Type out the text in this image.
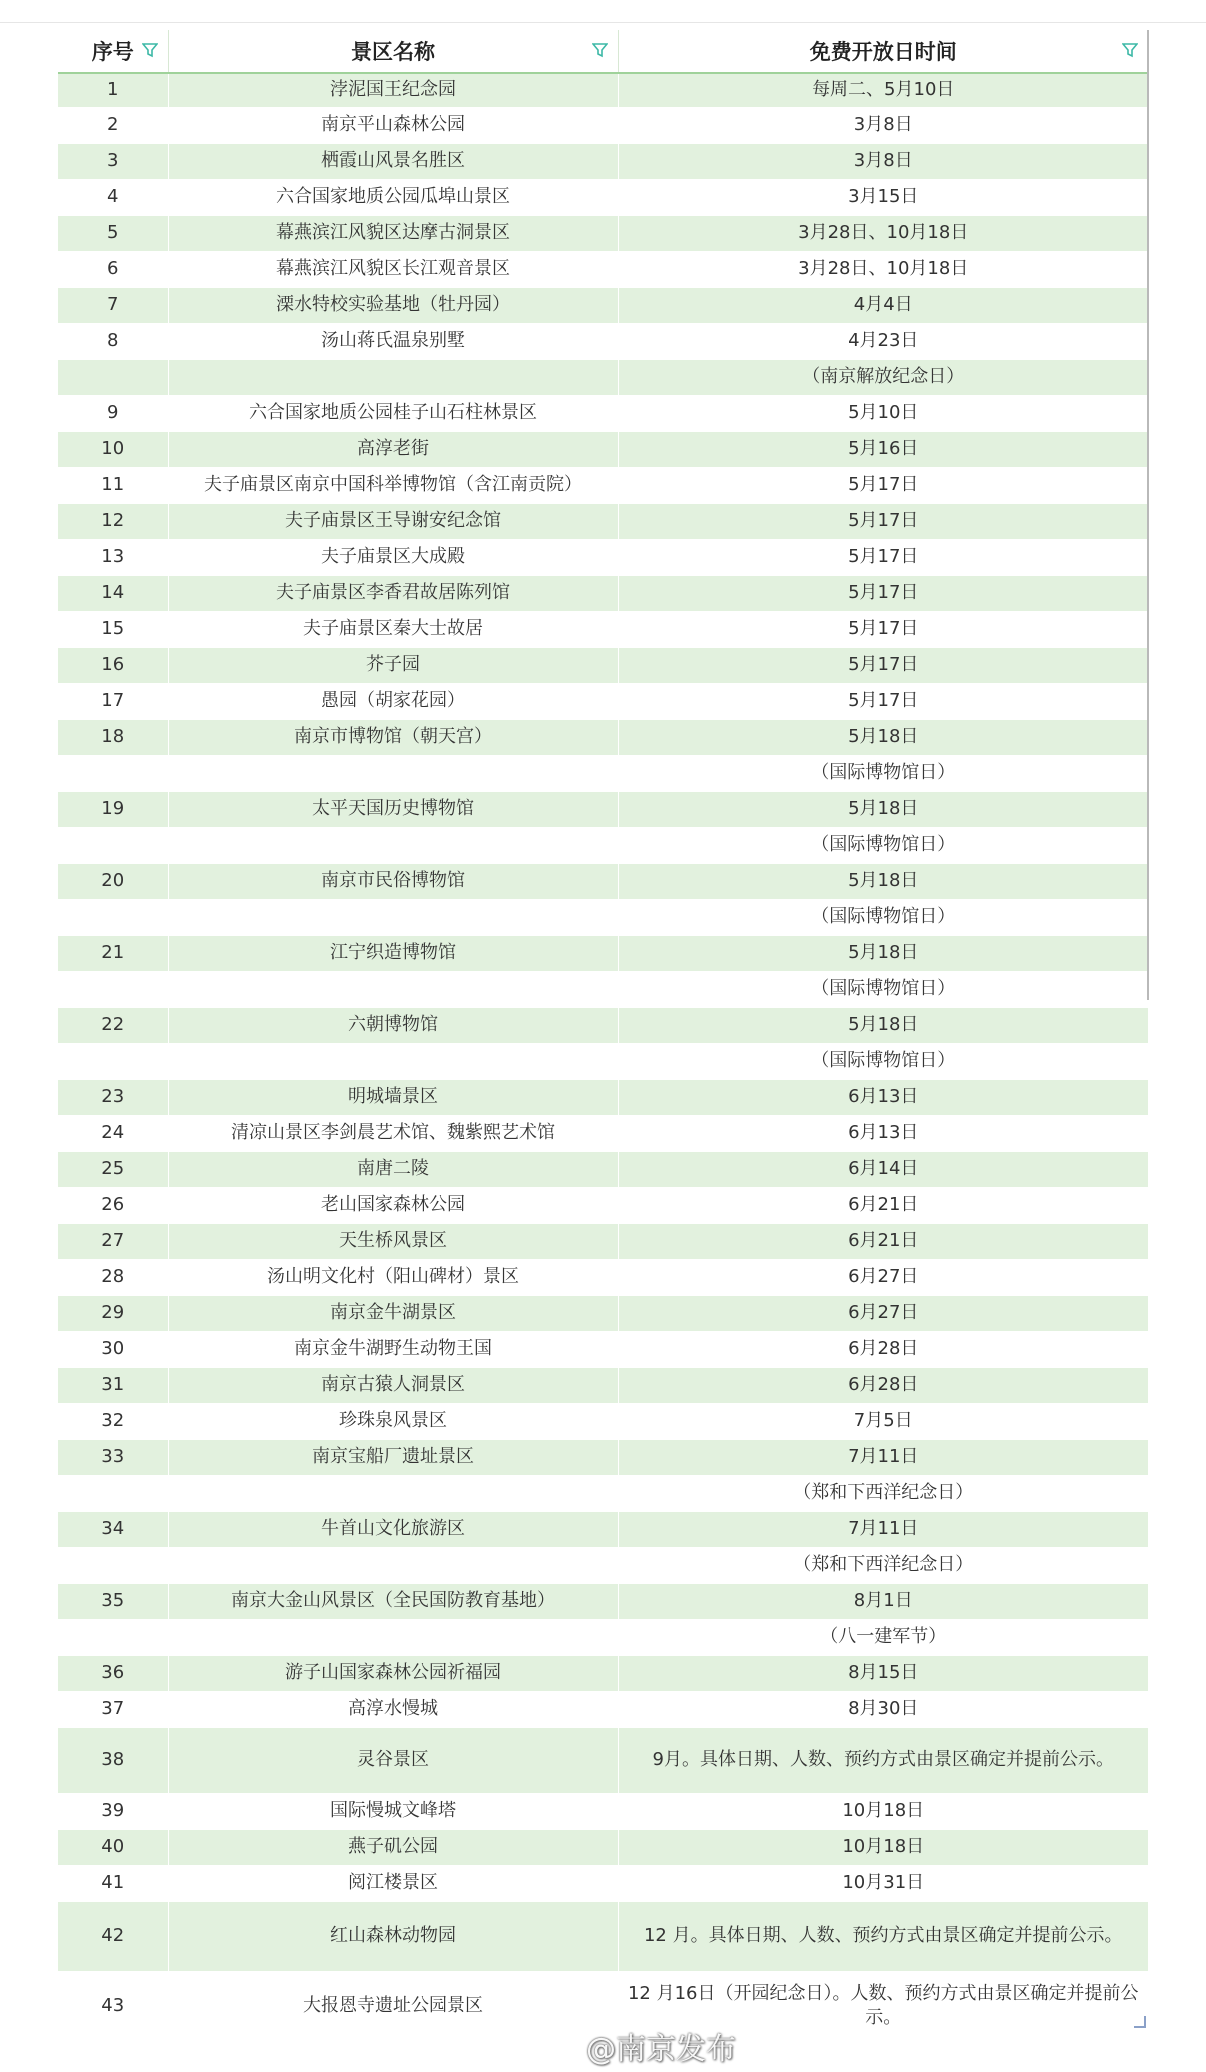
序号	景区名称	免费开放日时间

1	浡泥国王纪念园	每周二、5月10日
2	南京平山森林公园	3月8日
3	栖霞山风景名胜区	3月8日
4	六合国家地质公园瓜埠山景区	3月15日
5	幕燕滨江风貌区达摩古洞景区	3月28日、10月18日
6	幕燕滨江风貌区长江观音景区	3月28日、10月18日
7	溧水特校实验基地（牡丹园）	4月4日
8	汤山蒋氏温泉别墅	4月23日
		（南京解放纪念日）
9	六合国家地质公园桂子山石柱林景区	5月10日
10	高淳老街	5月16日
11	夫子庙景区南京中国科举博物馆（含江南贡院）	5月17日
12	夫子庙景区王导谢安纪念馆	5月17日
13	夫子庙景区大成殿	5月17日
14	夫子庙景区李香君故居陈列馆	5月17日
15	夫子庙景区秦大士故居	5月17日
16	芥子园	5月17日
17	愚园（胡家花园）	5月17日
18	南京市博物馆（朝天宫）	5月18日
		（国际博物馆日）
19	太平天国历史博物馆	5月18日
		（国际博物馆日）
20	南京市民俗博物馆	5月18日
		（国际博物馆日）
21	江宁织造博物馆	5月18日
		（国际博物馆日）
22	六朝博物馆	5月18日
		（国际博物馆日）
23	明城墙景区	6月13日
24	清凉山景区李剑晨艺术馆、魏紫熙艺术馆	6月13日
25	南唐二陵	6月14日
26	老山国家森林公园	6月21日
27	天生桥风景区	6月21日
28	汤山明文化村（阳山碑材）景区	6月27日
29	南京金牛湖景区	6月27日
30	南京金牛湖野生动物王国	6月28日
31	南京古猿人洞景区	6月28日
32	珍珠泉风景区	7月5日
33	南京宝船厂遗址景区	7月11日
		（郑和下西洋纪念日）
34	牛首山文化旅游区	7月11日
		（郑和下西洋纪念日）
35	南京大金山风景区（全民国防教育基地）	8月1日
		（八一建军节）
36	游子山国家森林公园祈福园	8月15日
37	高淳水慢城	8月30日
38	灵谷景区	9月。具体日期、人数、预约方式由景区确定并提前公示。
39	国际慢城文峰塔	10月18日
40	燕子矶公园	10月18日
41	阅江楼景区	10月31日
42	红山森林动物园	12 月。具体日期、人数、预约方式由景区确定并提前公示。
43	大报恩寺遗址公园景区	12 月16日（开园纪念日）。人数、预约方式由景区确定并提前公示。
@南京发布
